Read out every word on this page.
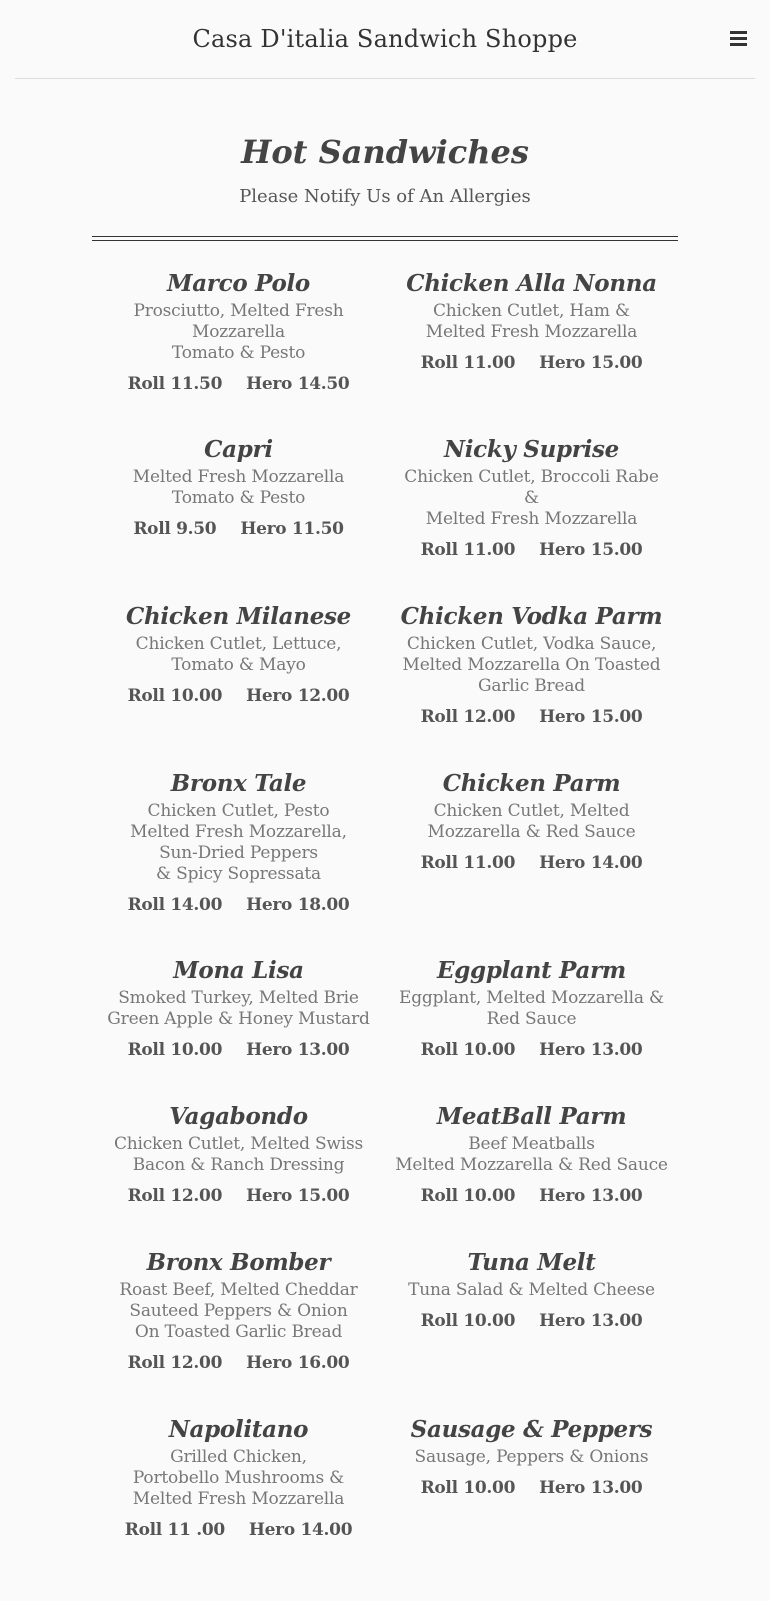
Casa D'italia Sandwich Shoppe
Hot Sandwiches
Please Notify Us of An Allergies
Marco Polo
Prosciutto, Melted Fresh
Mozzarella
Tomato & Pesto
Roll 11.50 Hero 14.50
Chicken Alla Nonna
Chicken Cutlet, Ham &
Melted Fresh Mozzarella
Roll 11.00 Hero 15.00
Capri
Melted Fresh Mozzarella
Tomato & Pesto
Roll 9.50 Hero 11.50
Nicky Suprise
Chicken Cutlet, Broccoli Rabe
&
Melted Fresh Mozzarella
Roll 11.00 Hero 15.00
Chicken Milanese
Chicken Cutlet, Lettuce,
Tomato & Mayo
Roll 10.00 Hero 12.00
Chicken Vodka Parm
Chicken Cutlet, Vodka Sauce,
Melted Mozzarella On Toasted
Garlic Bread
Roll 12.00 Hero 15.00
Bronx Tale
Chicken Cutlet, Pesto
Melted Fresh Mozzarella,
Sun-Dried Peppers
& Spicy Sopressata
Roll 14.00 Hero 18.00
Chicken Parm
Chicken Cutlet, Melted
Mozzarella & Red Sauce
Roll 11.00 Hero 14.00
Mona Lisa
Smoked Turkey, Melted Brie
Green Apple & Honey Mustard
Roll 10.00 Hero 13.00
Eggplant Parm
Eggplant, Melted Mozzarella &
Red Sauce
Roll 10.00 Hero 13.00
Vagabondo
Chicken Cutlet, Melted Swiss
Bacon & Ranch Dressing
Roll 12.00 Hero 15.00
MeatBall Parm
Beef Meatballs
Melted Mozzarella & Red Sauce
Roll 10.00 Hero 13.00
Bronx Bomber
Roast Beef, Melted Cheddar
Sauteed Peppers & Onion
On Toasted Garlic Bread
Roll 12.00 Hero 16.00
Tuna Melt
Tuna Salad & Melted Cheese
Roll 10.00 Hero 13.00
Napolitano
Grilled Chicken,
Portobello Mushrooms &
Melted Fresh Mozzarella
Roll 11 .00 Hero 14.00
Sausage & Peppers
Sausage, Peppers & Onions
Roll 10.00 Hero 13.00
